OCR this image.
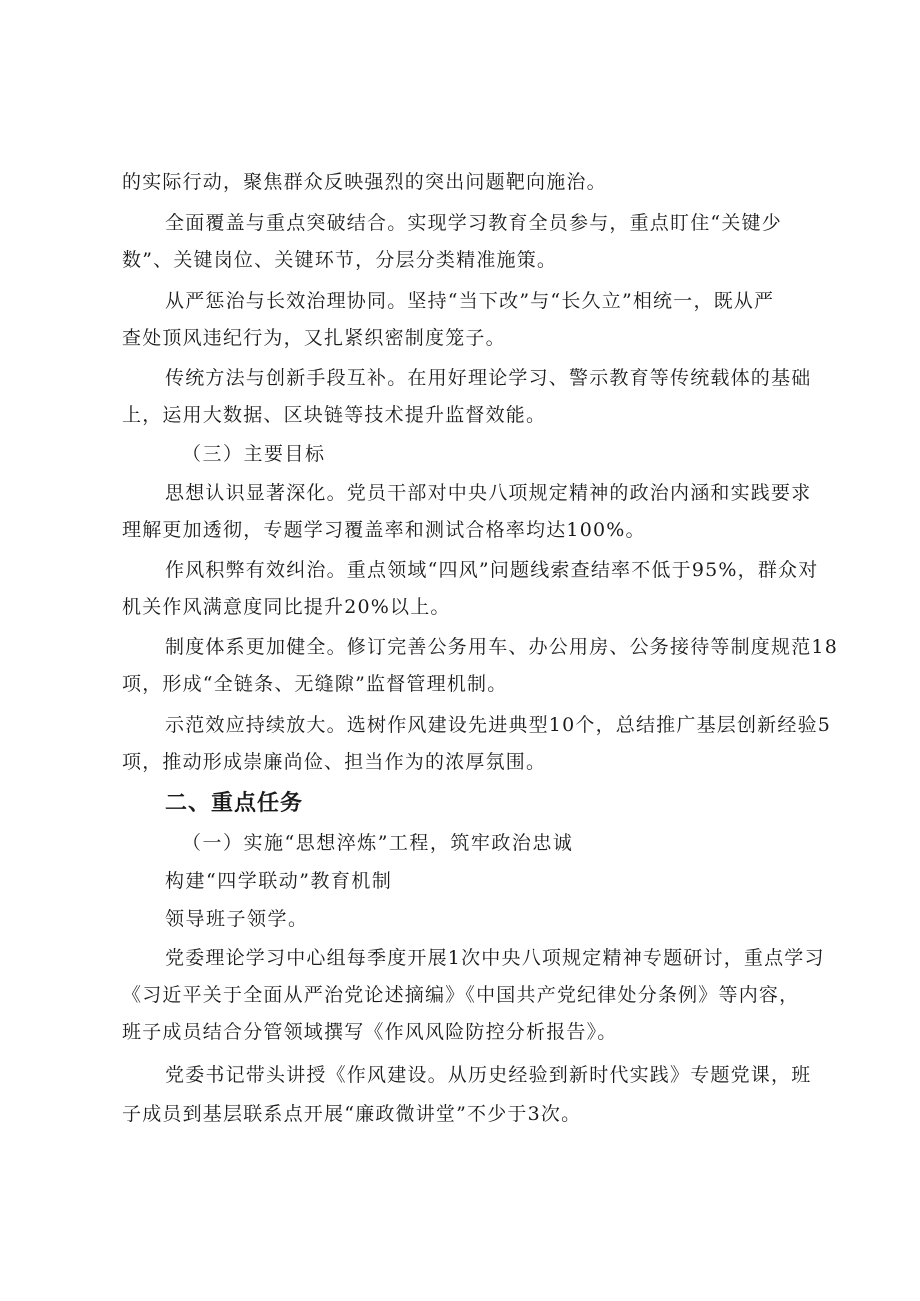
的实际行动，聚焦群众反映强烈的突出问题靶向施治。
全面覆盖与重点突破结合。实现学习教育全员参与，重点盯住“关键少
数”、关键岗位、关键环节，分层分类精准施策。
从严惩治与长效治理协同。坚持“当下改”与“长久立”相统一，既从严
查处顶风违纪行为，又扎紧织密制度笼子。
传统方法与创新手段互补。在用好理论学习、警示教育等传统载体的基础
上，运用大数据、区块链等技术提升监督效能。
（三）主要目标
思想认识显著深化。党员干部对中央八项规定精神的政治内涵和实践要求
理解更加透彻，专题学习覆盖率和测试合格率均达100%。
作风积弊有效纠治。重点领域“四风”问题线索查结率不低于95%，群众对
机关作风满意度同比提升20%以上。
制度体系更加健全。修订完善公务用车、办公用房、公务接待等制度规范18
项，形成“全链条、无缝隙”监督管理机制。
示范效应持续放大。选树作风建设先进典型10个，总结推广基层创新经验5
项，推动形成崇廉尚俭、担当作为的浓厚氛围。
二、重点任务
（一）实施“思想淬炼”工程，筑牢政治忠诚
构建“四学联动”教育机制
领导班子领学。
党委理论学习中心组每季度开展1次中央八项规定精神专题研讨，重点学习
《习近平关于全面从严治党论述摘编》《中国共产党纪律处分条例》等内容，
班子成员结合分管领域撰写《作风风险防控分析报告》。
党委书记带头讲授《作风建设。从历史经验到新时代实践》专题党课，班
子成员到基层联系点开展“廉政微讲堂”不少于3次。
